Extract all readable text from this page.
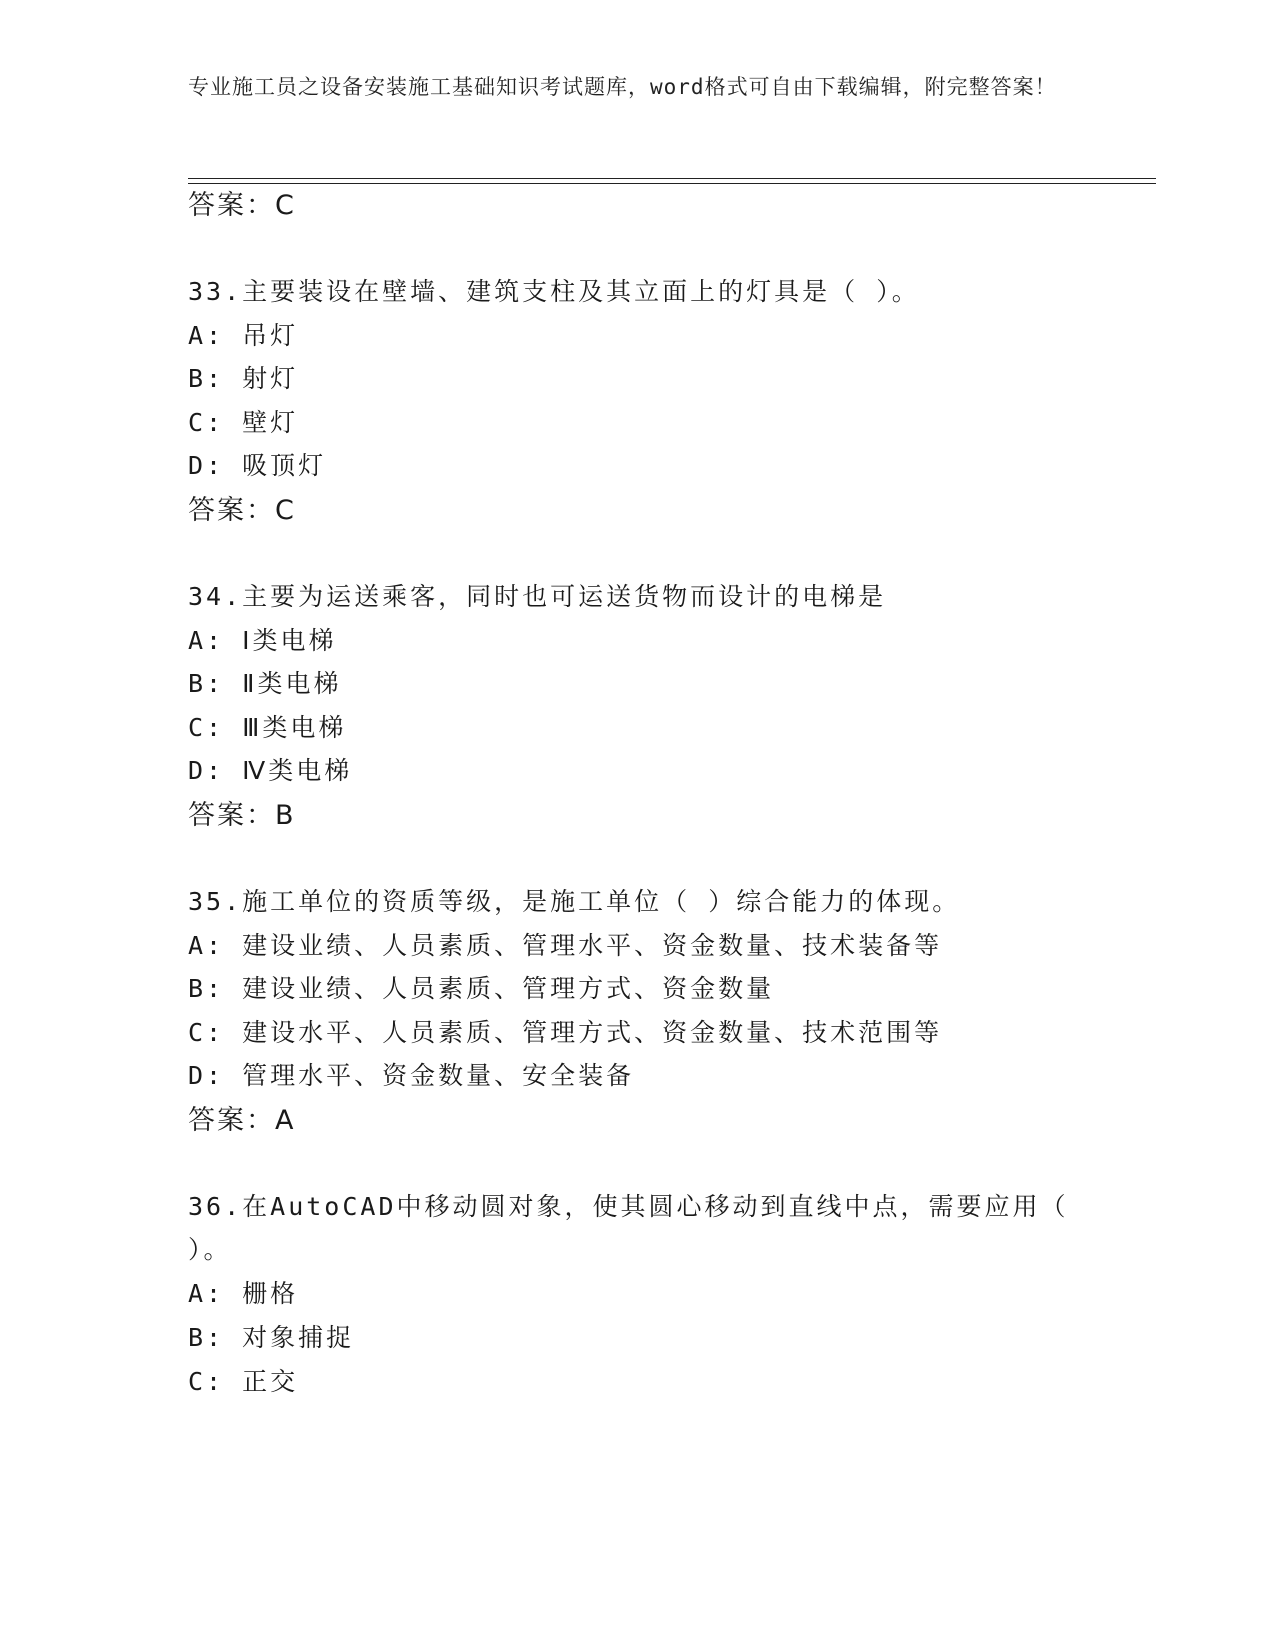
专业施工员之设备安装施工基础知识考试题库，word格式可自由下载编辑，附完整答案！
答案：C
33.主要装设在壁墙、建筑支柱及其立面上的灯具是（ ）。
A: 吊灯
B: 射灯
C: 壁灯
D: 吸顶灯
答案：C
34.主要为运送乘客，同时也可运送货物而设计的电梯是
A: Ⅰ类电梯
B: Ⅱ类电梯
C: Ⅲ类电梯
D: Ⅳ类电梯
答案：B
35.施工单位的资质等级，是施工单位（ ）综合能力的体现。
A: 建设业绩、人员素质、管理水平、资金数量、技术装备等
B: 建设业绩、人员素质、管理方式、资金数量
C: 建设水平、人员素质、管理方式、资金数量、技术范围等
D: 管理水平、资金数量、安全装备
答案：A
36.在AutoCAD中移动圆对象，使其圆心移动到直线中点，需要应用（
）。
A: 栅格
B: 对象捕捉
C: 正交
